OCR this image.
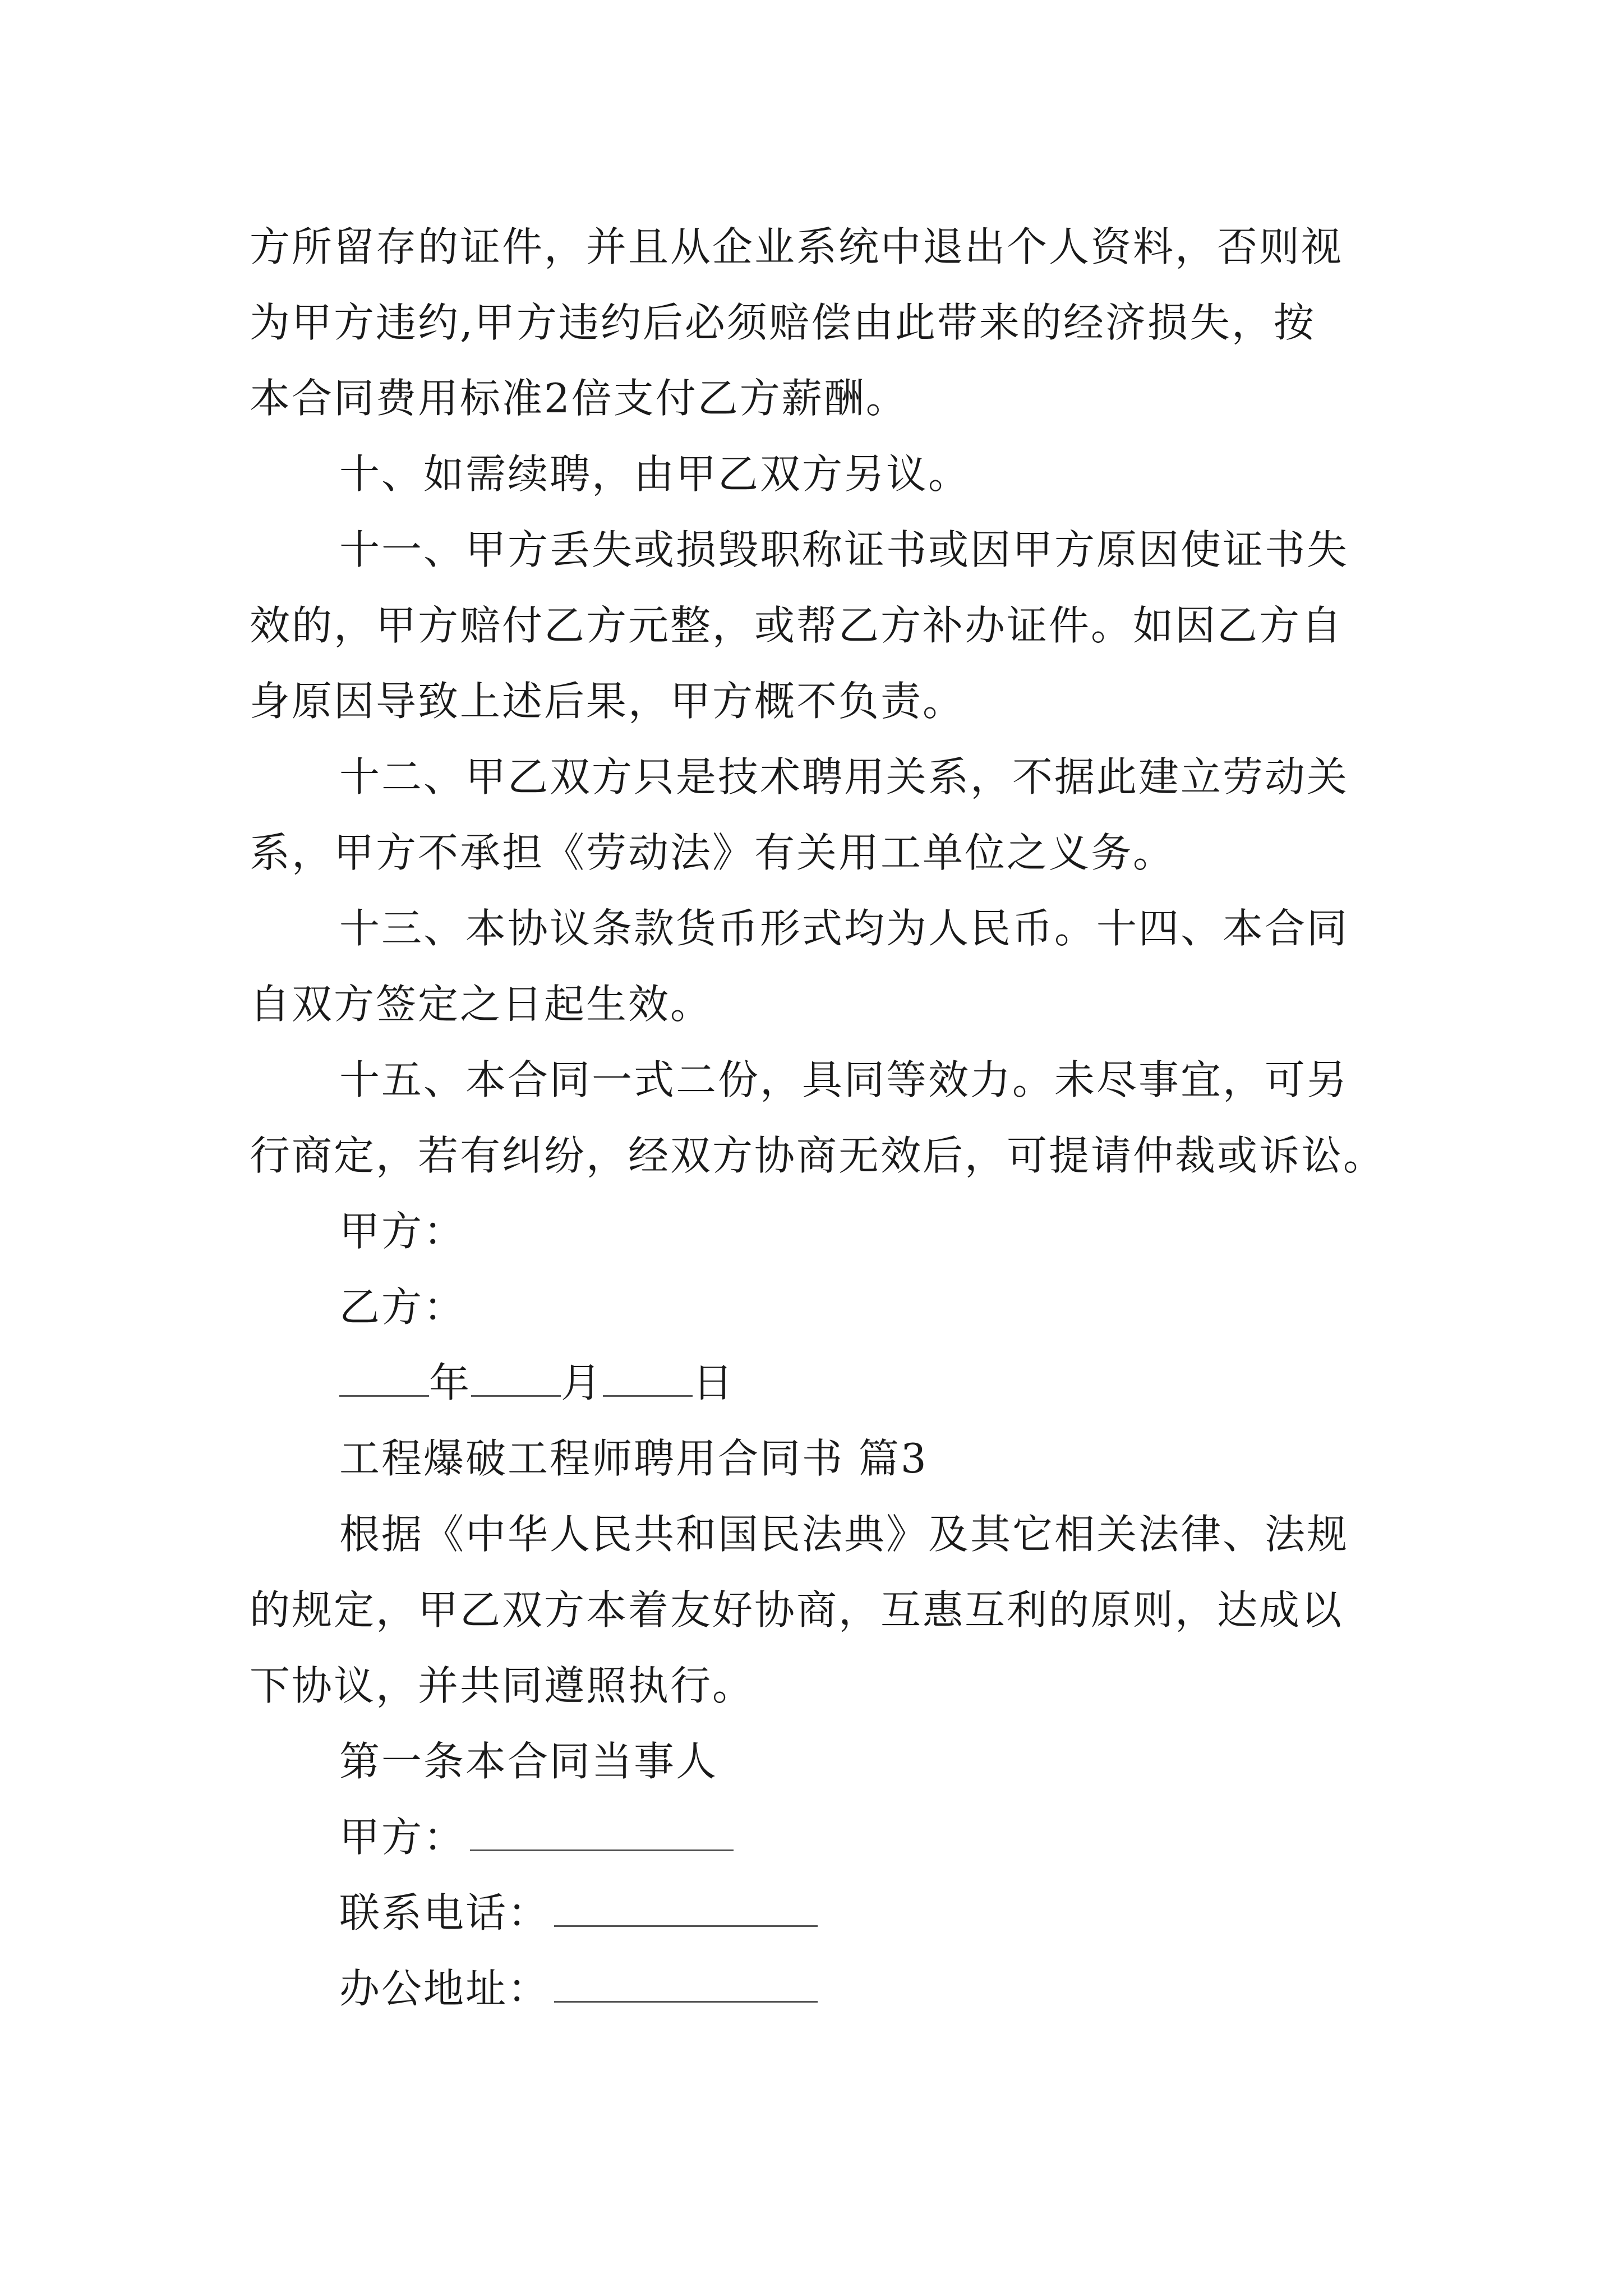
方所留存的证件，并且从企业系统中退出个人资料，否则视
为甲方违约,甲方违约后必须赔偿由此带来的经济损失，按
本合同费用标准2倍支付乙方薪酬。
十、如需续聘，由甲乙双方另议。
十一、甲方丢失或损毁职称证书或因甲方原因使证书失
效的，甲方赔付乙方元整，或帮乙方补办证件。如因乙方自
身原因导致上述后果，甲方概不负责。
十二、甲乙双方只是技术聘用关系，不据此建立劳动关
系，甲方不承担《劳动法》有关用工单位之义务。
十三、本协议条款货币形式均为人民币。十四、本合同
自双方签定之日起生效。
十五、本合同一式二份，具同等效力。未尽事宜，可另
行商定，若有纠纷，经双方协商无效后，可提请仲裁或诉讼。
甲方：
乙方：
年 月 日
工程爆破工程师聘用合同书 篇3
根据《中华人民共和国民法典》及其它相关法律、法规
的规定，甲乙双方本着友好协商，互惠互利的原则，达成以
下协议，并共同遵照执行。
第一条本合同当事人
甲方：
联系电话：
办公地址：
